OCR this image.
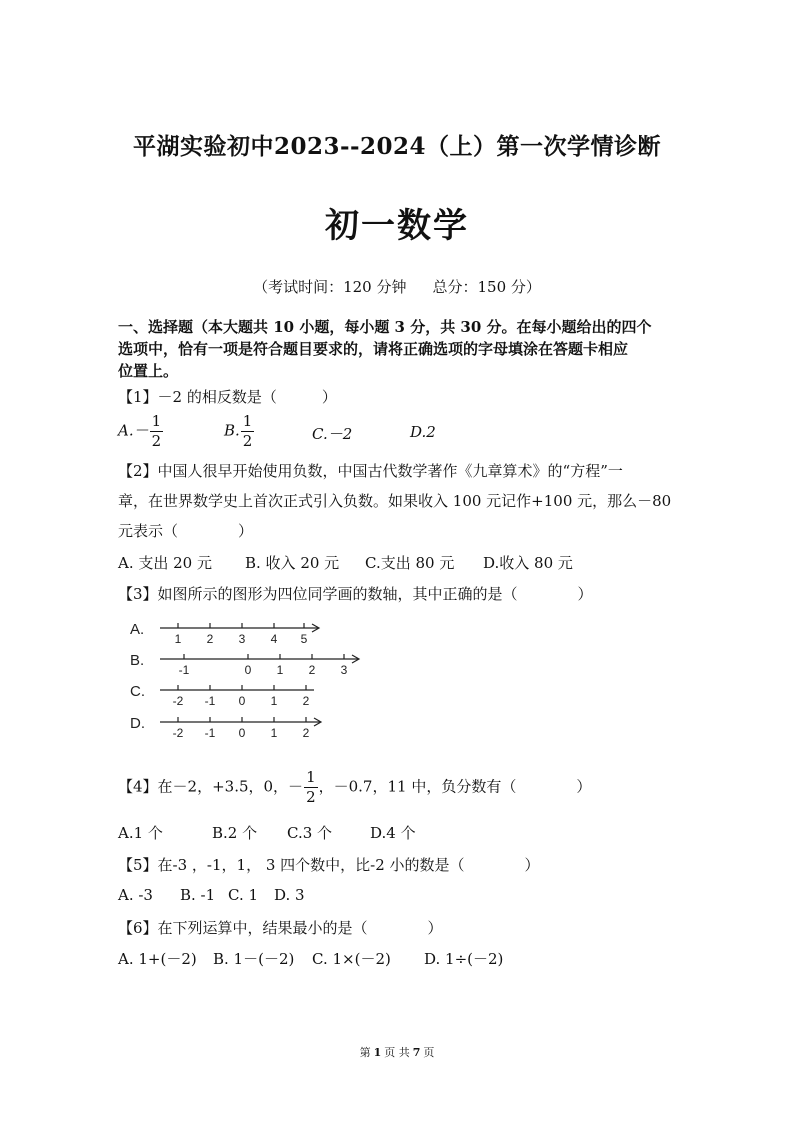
平湖实验初中2023--2024（上）第一次学情诊断
初一数学
（考试时间：120 分钟 总分：150 分）
一、选择题（本大题共 10 小题，每小题 3 分，共 30 分。在每小题给出的四个
选项中，恰有一项是符合题目要求的，请将正确选项的字母填涂在答题卡相应
位置上。
【1】－2 的相反数是（　　　）
$A.- \frac{1}{2}$	B. $\frac{1}{2}$	C.－2	D.2
【2】中国人很早开始使用负数，中国古代数学著作《九章算术》的“方程”一
章，在世界数学史上首次正式引入负数。如果收入 100 元记作+100 元，那么－80
元表示（　　　　）
A. 支出 20 元 B. 收入 20 元 C.支出 80 元 D.收入 80 元
【3】如图所示的图形为四位同学画的数轴，其中正确的是（　　　　）
A.
B.
C.
D.
1 2 3 4 5
-1	0 1 2 3
-2 -1 0 1 2
-2 -1 0 1 2
【4】在－2，+3.5，0，－ $\frac{1}{2}$ ，－0.7，11 中，负分数有（　　　　）
A.1 个	B.2 个 C.3 个	D.4 个
【5】在-3 ，-1，1， 3 四个数中，比-2 小的数是（　　　　）
A. -3 B. -1 C. 1 D. 3
【6】在下列运算中，结果最小的是（　　　　）
A. 1+(－2) B. 1－(－2) C. 1×(－2) D. 1÷(－2)
第 1 页 共 7 页
